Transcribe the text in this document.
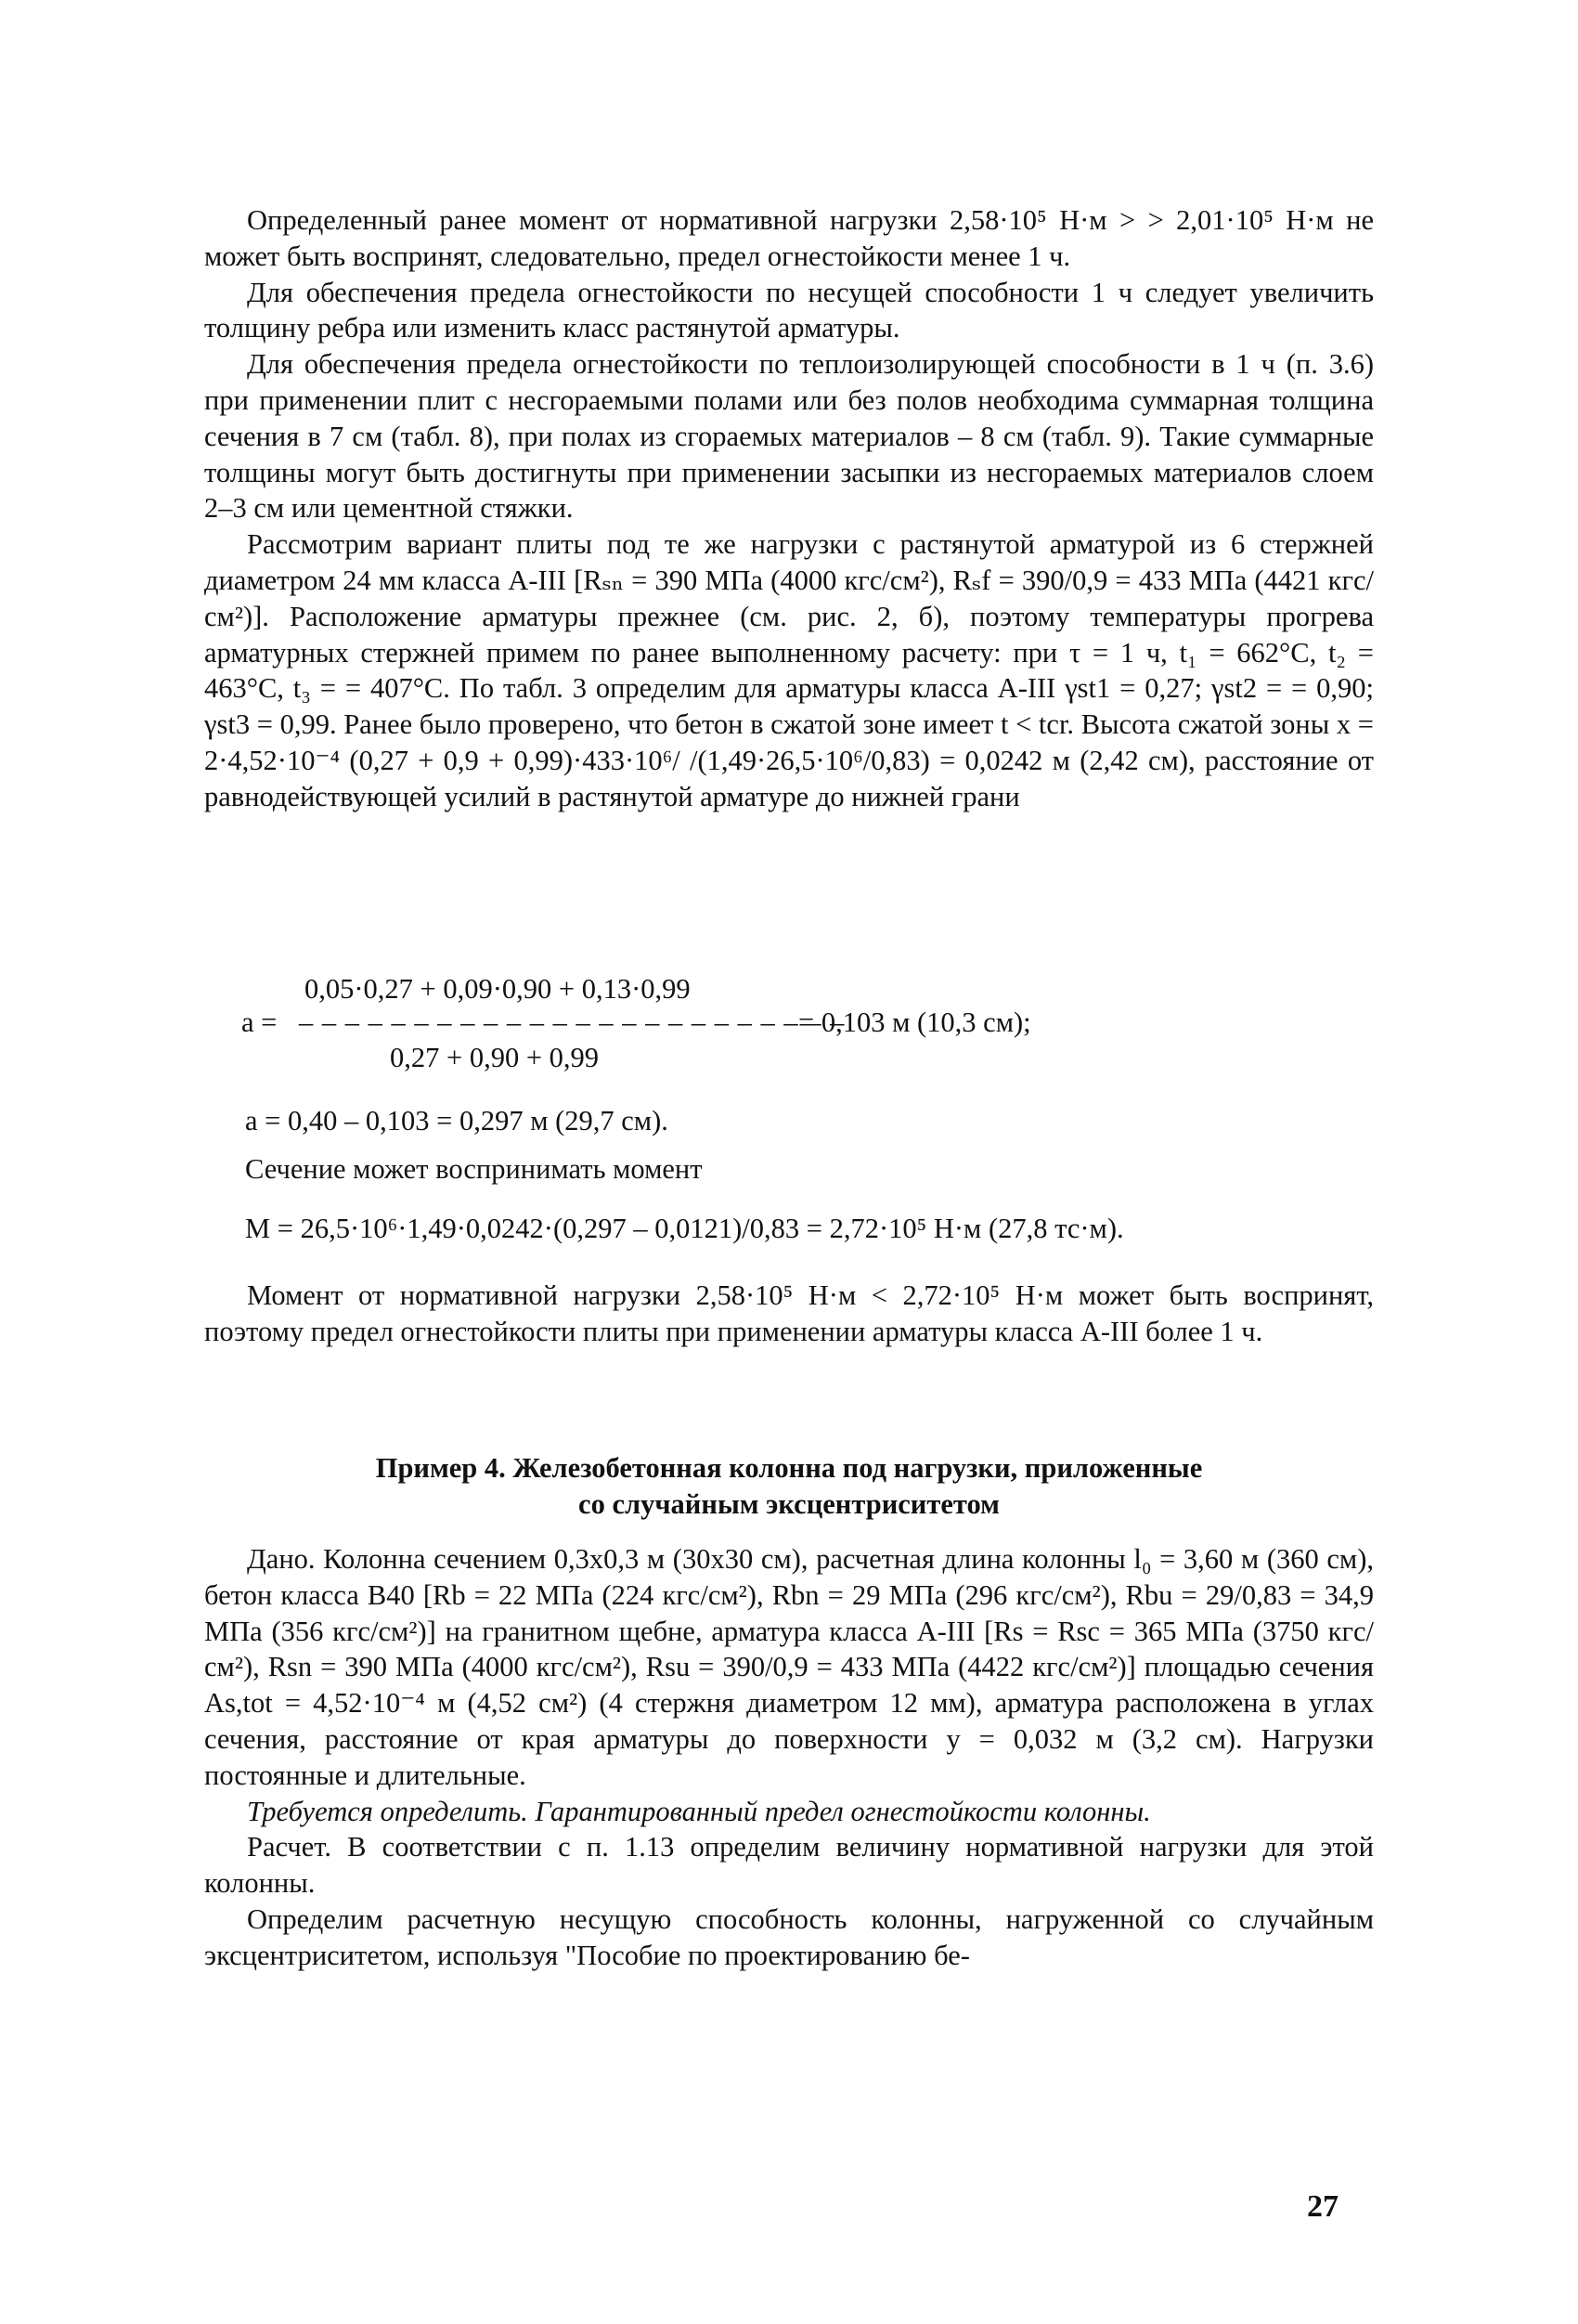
Определенный ранее момент от нормативной нагрузки 2,58·10⁵ Н·м > > 2,01·10⁵ Н·м не может быть воспринят, следовательно, предел огнестойкости менее 1 ч.

Для обеспечения предела огнестойкости по несущей способности 1 ч следует увеличить толщину ребра или изменить класс растянутой арматуры.

Для обеспечения предела огнестойкости по теплоизолирующей способности в 1 ч (п. 3.6) при применении плит с несгораемыми полами или без полов необходима суммарная толщина сечения в 7 см (табл. 8), при полах из сгораемых материалов – 8 см (табл. 9). Такие суммарные толщины могут быть достигнуты при применении засыпки из несгораемых материалов слоем 2–3 см или цементной стяжки.

Рассмотрим вариант плиты под те же нагрузки с растянутой арматурой из 6 стержней диаметром 24 мм класса А-III [Rₛₙ = 390 МПа (4000 кгс/см²), Rₛf = 390/0,9 = 433 МПа (4421 кгс/см²)]. Расположение арматуры прежнее (см. рис. 2, б), поэтому температуры прогрева арматурных стержней примем по ранее выполненному расчету: при τ = 1 ч, t₁ = 662°С, t₂ = 463°С, t₃ = = 407°С. По табл. 3 определим для арматуры класса А-III γst1 = 0,27; γst2 = = 0,90; γst3 = 0,99. Ранее было проверено, что бетон в сжатой зоне имеет t < tcr. Высота сжатой зоны x = 2·4,52·10⁻⁴ (0,27 + 0,9 + 0,99)·433·10⁶/ /(1,49·26,5·10⁶/0,83) = 0,0242 м (2,42 см), расстояние от равнодействующей усилий в растянутой арматуре до нижней грани

0,05·0,27 + 0,09·0,90 + 0,13·0,99
a = – – – – – – – – – – – – – – – – – – – – – – – –
= 0,103 м (10,3 см);
0,27 + 0,90 + 0,99

a = 0,40 – 0,103 = 0,297 м (29,7 см).

Сечение может воспринимать момент

M = 26,5·10⁶·1,49·0,0242·(0,297 – 0,0121)/0,83 = 2,72·10⁵ Н·м (27,8 тс·м).

Момент от нормативной нагрузки 2,58·10⁵ Н·м < 2,72·10⁵ Н·м может быть воспринят, поэтому предел огнестойкости плиты при применении арматуры класса А-III более 1 ч.

Пример 4. Железобетонная колонна под нагрузки, приложенные

со случайным эксцентриситетом

Дано. Колонна сечением 0,3х0,3 м (30х30 см), расчетная длина колонны l₀ = 3,60 м (360 см), бетон класса В40 [Rb = 22 МПа (224 кгс/см²), Rbn = 29 МПа (296 кгс/см²), Rbu = 29/0,83 = 34,9 МПа (356 кгс/см²)] на гранитном щебне, арматура класса А-III [Rs = Rsc = 365 МПа (3750 кгс/см²), Rsn = 390 МПа (4000 кгс/см²), Rsu = 390/0,9 = 433 МПа (4422 кгс/см²)] площадью сечения As,tot = 4,52·10⁻⁴ м (4,52 см²) (4 стержня диаметром 12 мм), арматура расположена в углах сечения, расстояние от края арматуры до поверхности y = 0,032 м (3,2 см). Нагрузки постоянные и длительные.

Требуется определить. Гарантированный предел огнестойкости колонны.

Расчет. В соответствии с п. 1.13 определим величину нормативной нагрузки для этой колонны.

Определим расчетную несущую способность колонны, нагруженной со случайным эксцентриситетом, используя "Пособие по проектированию бе-

27
